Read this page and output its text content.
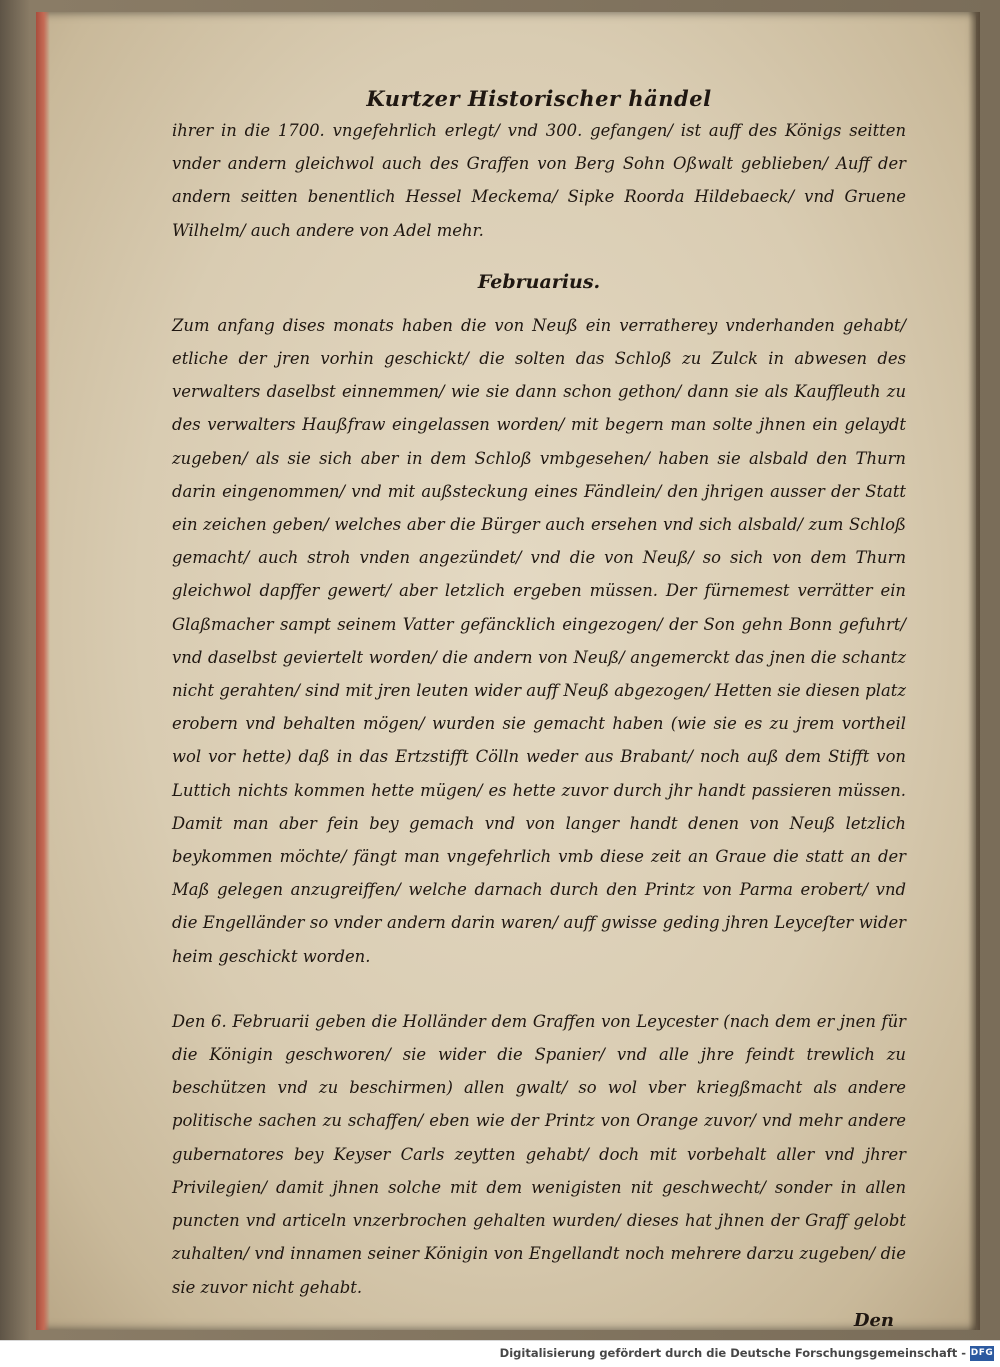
Kurtzer Historischer händel

ihrer in die 1700. vngefehrlich erlegt/ vnd 300. gefangen/ ist auff des Königs seitten vnder andern gleichwol auch des Graffen von Berg Sohn Oßwalt geblieben/ Auff der andern seitten benentlich Hessel Meckema/ Sipke Roorda Hildebaeck/ vnd Gruene Wilhelm/ auch andere von Adel mehr.

Februarius.

Zum anfang dises monats haben die von Neuß ein verratherey vnderhanden gehabt/ etliche der jren vorhin geschickt/ die solten das Schloß zu Zulck in abwesen des verwalters daselbst einnemmen/ wie sie dann schon gethon/ dann sie als Kauffleuth zu des verwalters Haußfraw eingelassen worden/ mit begern man solte jhnen ein gelaydt zugeben/ als sie sich aber in dem Schloß vmbgesehen/ haben sie alsbald den Thurn darin eingenommen/ vnd mit außsteckung eines Fändlein/ den jhrigen ausser der Statt ein zeichen geben/ welches aber die Bürger auch ersehen vnd sich alsbald/ zum Schloß gemacht/ auch stroh vnden angezündet/ vnd die von Neuß/ so sich von dem Thurn gleichwol dapffer gewert/ aber letzlich ergeben müssen. Der fürnemest verrätter ein Glaßmacher sampt seinem Vatter gefäncklich eingezogen/ der Son gehn Bonn gefuhrt/ vnd daselbst geviertelt worden/ die andern von Neuß/ angemerckt das jnen die schantz nicht gerahten/ sind mit jren leuten wider auff Neuß abgezogen/ Hetten sie diesen platz erobern vnd behalten mögen/ wurden sie gemacht haben (wie sie es zu jrem vortheil wol vor hette) daß in das Ertzstifft Cölln weder aus Brabant/ noch auß dem Stifft von Luttich nichts kommen hette mügen/ es hette zuvor durch jhr handt passieren müssen. Damit man aber fein bey gemach vnd von langer handt denen von Neuß letzlich beykommen möchte/ fängt man vngefehrlich vmb diese zeit an Graue die statt an der Maß gelegen anzugreiffen/ welche darnach durch den Printz von Parma erobert/ vnd die Engelländer so vnder andern darin waren/ auff gwisse geding jhren Leyceſter wider heim geschickt worden.

Den 6. Februarii geben die Holländer dem Graffen von Leycester (nach dem er jnen für die Königin geschworen/ sie wider die Spanier/ vnd alle jhre feindt trewlich zu beschützen vnd zu beschirmen) allen gwalt/ so wol vber kriegßmacht als andere politische sachen zu schaffen/ eben wie der Printz von Orange zuvor/ vnd mehr andere gubernatores bey Keyser Carls zeytten gehabt/ doch mit vorbehalt aller vnd jhrer Privilegien/ damit jhnen solche mit dem wenigisten nit geschwecht/ sonder in allen puncten vnd articeln vnzerbrochen gehalten wurden/ dieses hat jhnen der Graff gelobt zuhalten/ vnd innamen seiner Königin von Engellandt noch mehrere darzu zugeben/ die sie zuvor nicht gehabt.

Den
Digitalisierung gefördert durch die Deutsche Forschungsgemeinschaft - DFG
